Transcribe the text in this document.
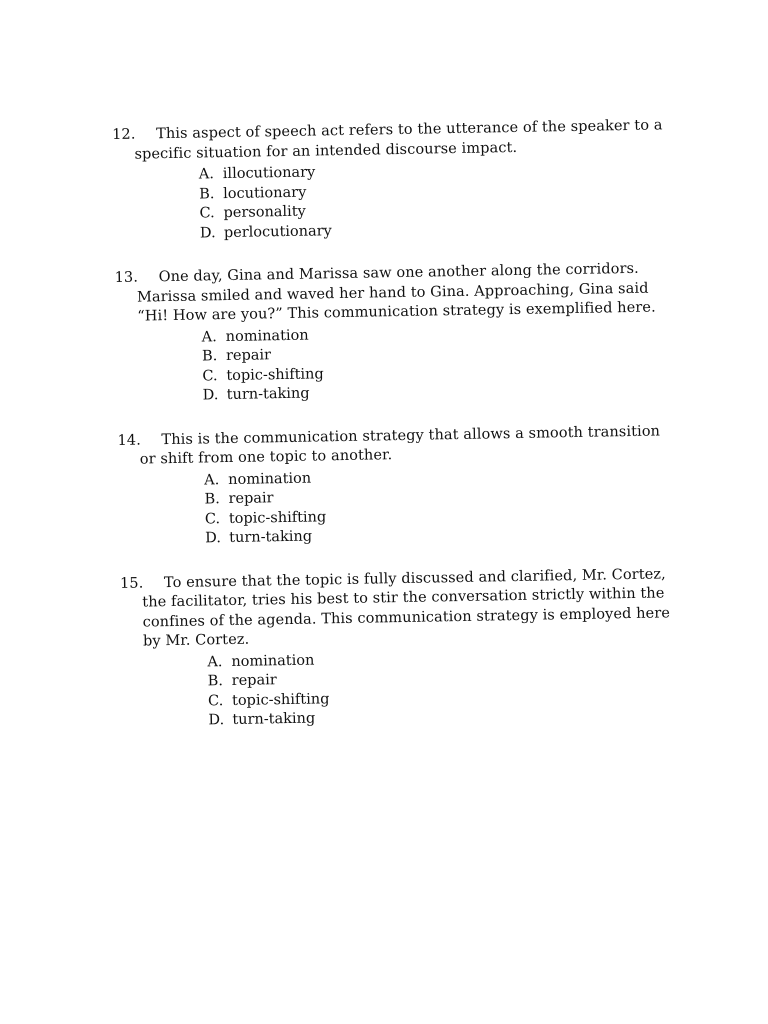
12. This aspect of speech act refers to the utterance of the speaker to a specific situation for an intended discourse impact.

A. illocutionary
B. locutionary
C. personality
D. perlocutionary

13. One day, Gina and Marissa saw one another along the corridors. Marissa smiled and waved her hand to Gina. Approaching, Gina said “Hi! How are you?” This communication strategy is exemplified here.

A. nomination
B. repair
C. topic-shifting
D. turn-taking

14. This is the communication strategy that allows a smooth transition or shift from one topic to another.

A. nomination
B. repair
C. topic-shifting
D. turn-taking

15. To ensure that the topic is fully discussed and clarified, Mr. Cortez, the facilitator, tries his best to stir the conversation strictly within the confines of the agenda. This communication strategy is employed here by Mr. Cortez.

A. nomination
B. repair
C. topic-shifting
D. turn-taking
